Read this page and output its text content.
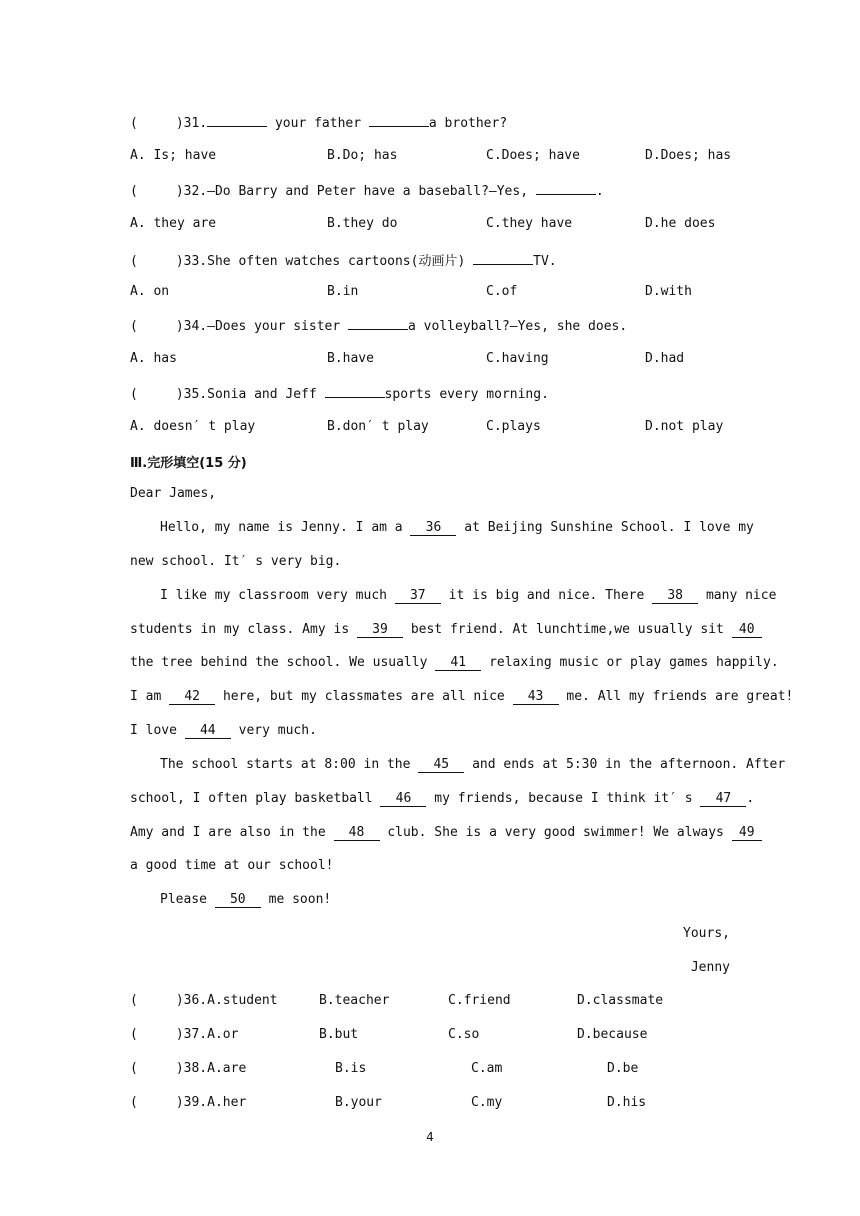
(	)31.	your father	a brother?
A. Is; have	B.Do; has	C.Does; have	D.Does; has
(	)32.—Do Barry and Peter have a baseball?—Yes,	.
A. they are	B.they do	C.they have	D.he does
(	)33.She often watches cartoons(动画片)	TV.
A. on	B.in	C.of	D.with
(	)34.—Does your sister	a volleyball?—Yes, she does.
A. has	B.have	C.having	D.had
(	)35.Sonia and Jeff	sports every morning.
A. doesn′ t play	B.don′ t play	C.plays	D.not play
Ⅲ.完形填空(15 分)
Dear James,
Hello, my name is Jenny. I am a 36 at Beijing Sunshine School. I love my
new school. It′ s very big.
I like my classroom very much 37 it is big and nice. There 38 many nice
students in my class. Amy is 39 best friend. At lunchtime,we usually sit 40
the tree behind the school. We usually 41 relaxing music or play games happily.
I am 42 here, but my classmates are all nice 43 me. All my friends are great!
I love 44 very much.
The school starts at 8:00 in the 45 and ends at 5:30 in the afternoon. After
school, I often play basketball 46 my friends, because I think it′ s 47 .
Amy and I are also in the 48 club. She is a very good swimmer! We always 49
a good time at our school!
Please 50 me soon!
Yours,
Jenny
(	)36.A.student	B.teacher	C.friend	D.classmate
(	)37.A.or	B.but	C.so	D.because
(	)38.A.are	B.is	C.am	D.be
(	)39.A.her	B.your	C.my	D.his
4
